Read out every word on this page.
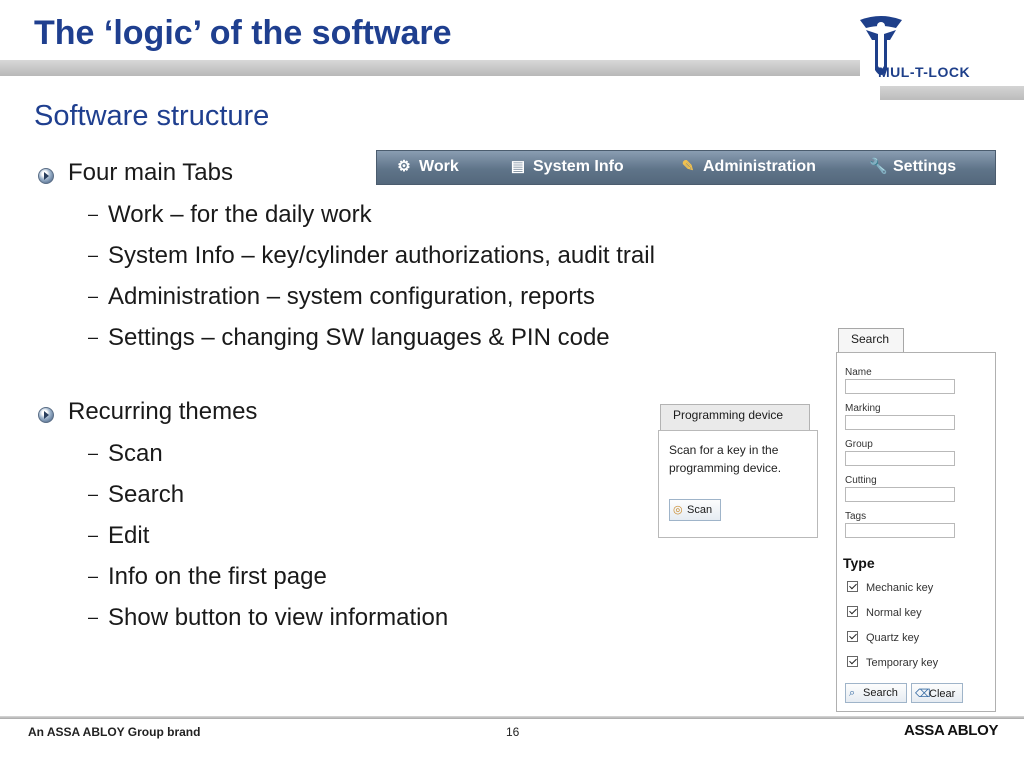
The ‘logic’ of the software
MUL-T-LOCK
Software structure
Four main Tabs
– Work – for the daily work
– System Info – key/cylinder authorizations, audit trail
– Administration – system configuration, reports
– Settings – changing SW languages & PIN code
Recurring themes
– Scan
– Search
– Edit
– Info on the first page
– Show button to view information
⚙ Work	▤ System Info	✎ Administration	🔧 Settings
Programming device
Scan for a key in the programming device.
◎ Scan
Search
Name
Marking
Group
Cutting
Tags
Type
Mechanic key
Normal key
Quartz key
Temporary key
⌕ Search	⌫Clear
An ASSA ABLOY Group brand	16	ASSA ABLOY
